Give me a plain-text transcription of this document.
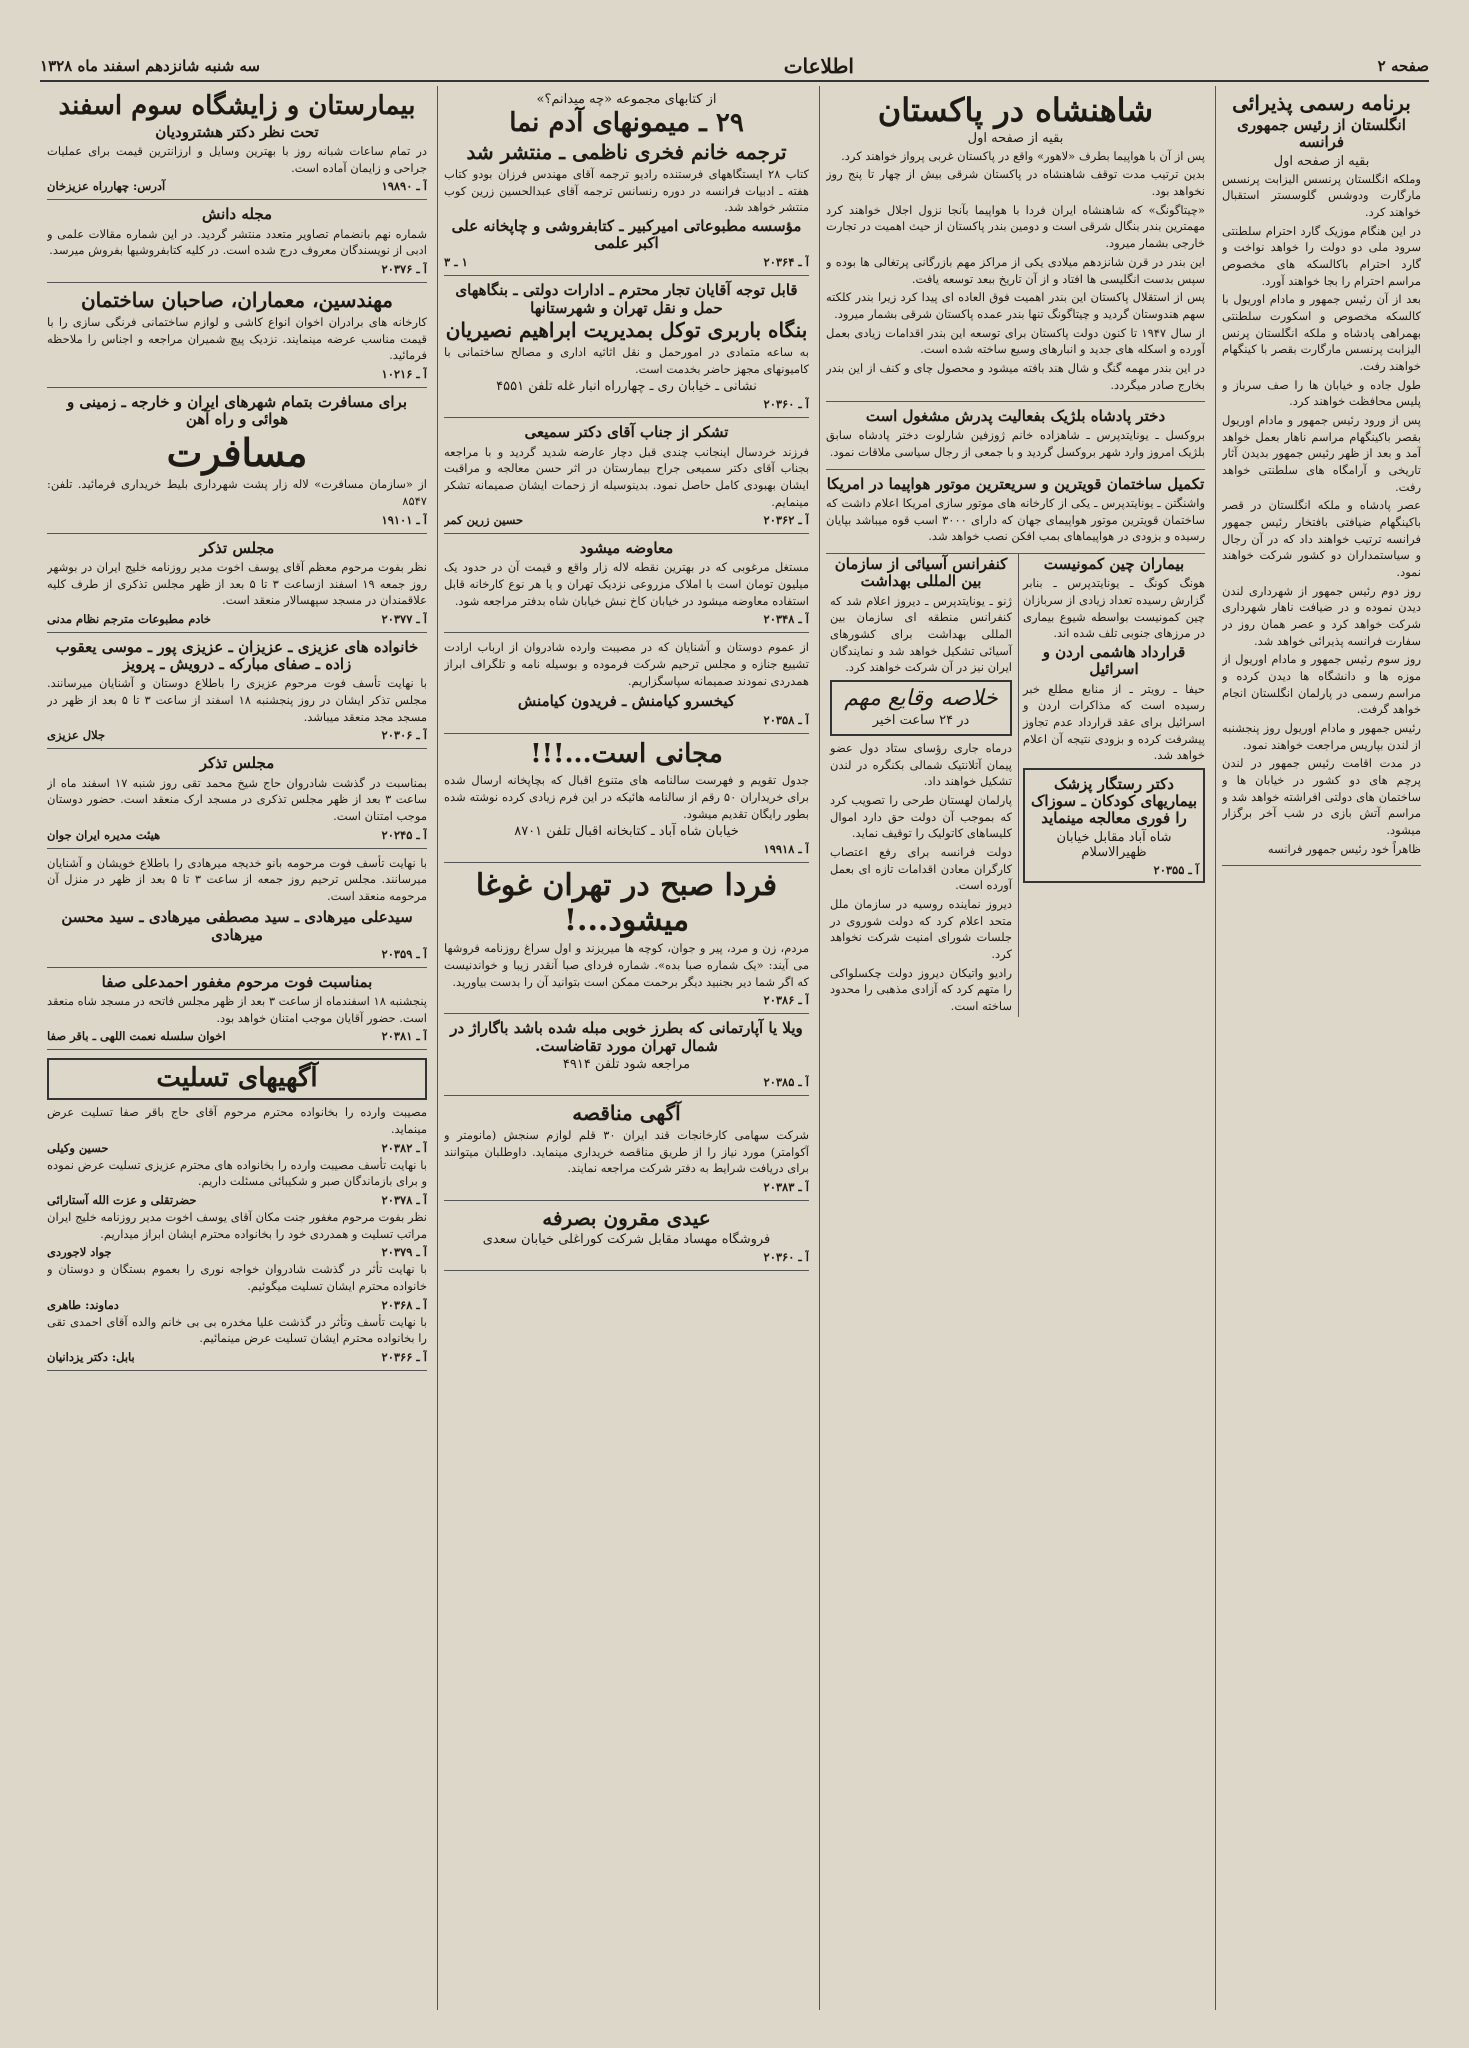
صفحه ۲
اطلاعات
سه شنبه شانزدهم اسفند ماه ۱۳۲۸
برنامه رسمی پذیرائی
انگلستان از رئیس جمهوری فرانسه
بقیه از صفحه اول

وملکه انگلستان پرنسس الیزابت پرنسس مارگارت ودوشس گلوسستر استقبال خواهند کرد.

در این هنگام موزیک گارد احترام سلطنتی سرود ملی دو دولت را خواهد نواخت و گارد احترام باکالسکه های مخصوص مراسم احترام را بجا خواهند آورد.

بعد از آن رئیس جمهور و مادام اوریول با کالسکه مخصوص و اسکورت سلطنتی بهمراهی پادشاه و ملکه انگلستان پرنس الیزابت پرنسس مارگارت بقصر با کینگهام خواهند رفت.

طول جاده و خیابان ها را صف سرباز و پلیس محافظت خواهند کرد.

پس از ورود رئیس جمهور و مادام اوریول بقصر باکینگهام مراسم ناهار بعمل خواهد آمد و بعد از ظهر رئیس جمهور بدیدن آثار تاریخی و آرامگاه های سلطنتی خواهد رفت.

عصر پادشاه و ملکه انگلستان در قصر باکینگهام ضیافتی بافتخار رئیس جمهور فرانسه ترتیب خواهند داد که در آن رجال و سیاستمداران دو کشور شرکت خواهند نمود.

روز دوم رئیس جمهور از شهرداری لندن دیدن نموده و در ضیافت ناهار شهرداری شرکت خواهد کرد و عصر همان روز در سفارت فرانسه پذیرائی خواهد شد.

روز سوم رئیس جمهور و مادام اوریول از موزه ها و دانشگاه ها دیدن کرده و مراسم رسمی در پارلمان انگلستان انجام خواهد گرفت.

رئیس جمهور و مادام اوریول روز پنجشنبه از لندن بپاریس مراجعت خواهند نمود.

در مدت اقامت رئیس جمهور در لندن پرچم های دو کشور در خیابان ها و ساختمان های دولتی افراشته خواهد شد و مراسم آتش بازی در شب آخر برگزار میشود.

ظاهراً خود رئیس جمهور فرانسه

شاهنشاه در پاکستان
بقیه از صفحه اول

پس از آن با هواپیما بطرف «لاهور» واقع در پاکستان غربی پرواز خواهند کرد.

بدین ترتیب مدت توقف شاهنشاه در پاکستان شرقی بیش از چهار تا پنج روز نخواهد بود.

«چیتاگونگ» که شاهنشاه ایران فردا با هواپیما بآنجا نزول اجلال خواهند کرد مهمترین بندر بنگال شرقی است و دومین بندر پاکستان از حیث اهمیت در تجارت خارجی بشمار میرود.

این بندر در قرن شانزدهم میلادی یکی از مراکز مهم بازرگانی پرتغالی ها بوده و سپس بدست انگلیسی ها افتاد و از آن تاریخ ببعد توسعه یافت.

پس از استقلال پاکستان این بندر اهمیت فوق العاده ای پیدا کرد زیرا بندر کلکته سهم هندوستان گردید و چیتاگونگ تنها بندر عمده پاکستان شرقی بشمار میرود.

از سال ۱۹۴۷ تا کنون دولت پاکستان برای توسعه این بندر اقدامات زیادی بعمل آورده و اسکله های جدید و انبارهای وسیع ساخته شده است.

در این بندر مهمه گنگ و شال هند بافته میشود و محصول چای و کنف از این بندر بخارج صادر میگردد.

دختر پادشاه بلژیک بفعالیت پدرش مشغول است

بروکسل ـ یونایتدپرس ـ شاهزاده خانم ژوزفین شارلوت دختر پادشاه سابق بلژیک امروز وارد شهر بروکسل گردید و با جمعی از رجال سیاسی ملاقات نمود.

تکمیل ساختمان قویترین و سریعترین موتور هواپیما در امریکا

واشنگتن ـ یونایتدپرس ـ یکی از کارخانه های موتور سازی امریکا اعلام داشت که ساختمان قویترین موتور هواپیمای جهان که دارای ۳۰۰۰ اسب قوه میباشد بپایان رسیده و بزودی در هواپیماهای بمب افکن نصب خواهد شد.

بیماران چین کمونیست

هونگ کونگ ـ یونایتدپرس ـ بنابر گزارش رسیده تعداد زیادی از سربازان چین کمونیست بواسطه شیوع بیماری در مرزهای جنوبی تلف شده اند.

قرارداد هاشمی اردن و اسرائیل

حیفا ـ رویتر ـ از منابع مطلع خبر رسیده است که مذاکرات اردن و اسرائیل برای عقد قرارداد عدم تجاوز پیشرفت کرده و بزودی نتیجه آن اعلام خواهد شد.

دکتر رستگار پزشک بیماریهای کودکان ـ سوزاک را فوری معالجه مینماید
شاه آباد مقابل خیابان ظهیرالاسلام
آ ـ ۲۰۳۵۵
کنفرانس آسیائی از سازمان بین المللی بهداشت

ژنو ـ یونایتدپرس ـ دیروز اعلام شد که کنفرانس منطقه ای سازمان بین المللی بهداشت برای کشورهای آسیائی تشکیل خواهد شد و نمایندگان ایران نیز در آن شرکت خواهند کرد.

خلاصه وقایع مهم
در ۲۴ ساعت اخیر

درماه جاری رؤسای ستاد دول عضو پیمان آتلانتیک شمالی بکنگره در لندن تشکیل خواهند داد.

پارلمان لهستان طرحی را تصویب کرد که بموجب آن دولت حق دارد اموال کلیساهای کاتولیک را توقیف نماید.

دولت فرانسه برای رفع اعتصاب کارگران معادن اقدامات تازه ای بعمل آورده است.

دیروز نماینده روسیه در سازمان ملل متحد اعلام کرد که دولت شوروی در جلسات شورای امنیت شرکت نخواهد کرد.

رادیو واتیکان دیروز دولت چکسلواکی را متهم کرد که آزادی مذهبی را محدود ساخته است.

از کتابهای مجموعه «چه میدانم؟»
۲۹ ـ میمونهای آدم نما
ترجمه خانم فخری ناظمی ـ منتشر شد

کتاب ۲۸ ایستگاههای فرستنده رادیو ترجمه آقای مهندس فرزان بودو کتاب هفته ـ ادبیات فرانسه در دوره رنسانس ترجمه آقای عبدالحسین زرین کوب منتشر خواهد شد.

مؤسسه مطبوعاتی امیرکبیر ـ کتابفروشی و چاپخانه علی اکبر علمی
آ ـ ۲۰۳۶۴
۱ ـ ۳
قابل توجه آقایان تجار محترم ـ ادارات دولتی ـ بنگاههای حمل و نقل تهران و شهرستانها
بنگاه باربری توکل بمدیریت ابراهیم نصیریان

به ساعه متمادی در امورحمل و نقل اثاثیه اداری و مصالح ساختمانی با کامیونهای مجهز حاضر بخدمت است.

نشانی ـ خیابان ری ـ چهارراه انبار غله تلفن ۴۵۵۱
آ ـ ۲۰۳۶۰
تشکر از جناب آقای دکتر سمیعی

فرزند خردسال اینجانب چندی قبل دچار عارضه شدید گردید و با مراجعه بجناب آقای دکتر سمیعی جراح بیمارستان در اثر حسن معالجه و مراقبت ایشان بهبودی کامل حاصل نمود. بدینوسیله از زحمات ایشان صمیمانه تشکر مینمایم.

آ ـ ۲۰۳۶۲
حسین زرین کمر
معاوضه میشود

مستغل مرغوبی که در بهترین نقطه لاله زار واقع و قیمت آن در حدود یک میلیون تومان است با املاک مزروعی نزدیک تهران و یا هر نوع کارخانه قابل استفاده معاوضه میشود در خیابان کاخ نبش خیابان شاه بدفتر مراجعه شود.

آ ـ ۲۰۳۴۸

از عموم دوستان و آشنایان که در مصیبت وارده شادروان از ارباب ارادت تشییع جنازه و مجلس ترحیم شرکت فرموده و بوسیله نامه و تلگراف ابراز همدردی نمودند صمیمانه سپاسگزاریم.

کیخسرو کیامنش ـ فریدون کیامنش
آ ـ ۲۰۳۵۸
مجانی است...!!!

جدول تقویم و فهرست سالنامه های متنوع اقبال که بچاپخانه ارسال شده برای خریداران ۵۰ رقم از سالنامه هائیکه در این فرم زیادی کرده نوشته شده بطور رایگان تقدیم میشود.

خیابان شاه آباد ـ کتابخانه اقبال تلفن ۸۷۰۱
آ ـ ۱۹۹۱۸
فردا صبح در تهران غوغا میشود...!

مردم، زن و مرد، پیر و جوان، کوچه ها میریزند و اول سراغ روزنامه فروشها می آیند: «یک شماره صبا بده». شماره فردای صبا آنقدر زیبا و خواندنیست که اگر شما دیر بجنبید دیگر برحمت ممکن است بتوانید آن را بدست بیاورید.

آ ـ ۲۰۳۸۶
ویلا یا آپارتمانی که بطرز خوبی مبله شده باشد باگاراژ در شمال تهران مورد تقاضاست.
مراجعه شود تلفن ۴۹۱۴
آ ـ ۲۰۳۸۵
آگهی مناقصه

شرکت سهامی کارخانجات قند ایران ۳۰ قلم لوازم سنجش (مانومتر و آکوامتر) مورد نیاز را از طریق مناقصه خریداری مینماید. داوطلبان میتوانند برای دریافت شرایط به دفتر شرکت مراجعه نمایند.

آ ـ ۲۰۳۸۳
عیدی مقرون بصرفه
فروشگاه مهساد مقابل شرکت کوراغلی خیابان سعدی
آ ـ ۲۰۳۶۰
بیمارستان و زایشگاه سوم اسفند
تحت نظر دکتر هشترودیان

در تمام ساعات شبانه روز با بهترین وسایل و ارزانترین قیمت برای عملیات جراحی و زایمان آماده است.

آ ـ ۱۹۸۹۰
آدرس: چهارراه عزیزخان
مجله دانش

شماره نهم بانضمام تصاویر متعدد منتشر گردید. در این شماره مقالات علمی و ادبی از نویسندگان معروف درج شده است. در کلیه کتابفروشیها بفروش میرسد.

آ ـ ۲۰۳۷۶
مهندسین، معماران، صاحبان ساختمان

کارخانه های برادران اخوان انواع کاشی و لوازم ساختمانی فرنگی سازی را با قیمت مناسب عرضه مینمایند. نزدیک پیچ شمیران مراجعه و اجناس را ملاحظه فرمائید.

آ ـ ۱۰۲۱۶
برای مسافرت بتمام شهرهای ایران و خارجه ـ زمینی و هوائی و راه آهن
مسافرت

از «سازمان مسافرت» لاله زار پشت شهرداری بلیط خریداری فرمائید. تلفن: ۸۵۴۷

آ ـ ۱۹۱۰۱
مجلس تذکر

نظر بفوت مرحوم معظم آقای یوسف اخوت مدیر روزنامه خلیج ایران در بوشهر روز جمعه ۱۹ اسفند ازساعت ۳ تا ۵ بعد از ظهر مجلس تذکری از طرف کلیه علاقمندان در مسجد سپهسالار منعقد است.

آ ـ ۲۰۳۷۷
خادم مطبوعات مترجم نظام مدنی
خانواده های عزیزی ـ عزیزان ـ عزیزی پور ـ موسی یعقوب زاده ـ صفای مبارکه ـ درویش ـ پرویز

با نهایت تأسف فوت مرحوم عزیزی را باطلاع دوستان و آشنایان میرسانند. مجلس تذکر ایشان در روز پنجشنبه ۱۸ اسفند از ساعت ۳ تا ۵ بعد از ظهر در مسجد مجد منعقد میباشد.

آ ـ ۲۰۳۰۶
جلال عزیزی
مجلس تذکر

بمناسبت در گذشت شادروان حاج شیخ محمد تقی روز شنبه ۱۷ اسفند ماه از ساعت ۳ بعد از ظهر مجلس تذکری در مسجد ارک منعقد است. حضور دوستان موجب امتنان است.

آ ـ ۲۰۲۴۵
هیئت مدیره ایران جوان

با نهایت تأسف فوت مرحومه بانو خدیجه میرهادی را باطلاع خویشان و آشنایان میرسانند. مجلس ترحیم روز جمعه از ساعت ۳ تا ۵ بعد از ظهر در منزل آن مرحومه منعقد است.

سیدعلی میرهادی ـ سید مصطفی میرهادی ـ سید محسن میرهادی
آ ـ ۲۰۳۵۹
بمناسبت فوت مرحوم مغفور احمدعلی صفا

پنجشنبه ۱۸ اسفندماه از ساعت ۳ بعد از ظهر مجلس فاتحه در مسجد شاه منعقد است. حضور آقایان موجب امتنان خواهد بود.

آ ـ ۲۰۳۸۱
اخوان سلسله نعمت اللهی ـ باقر صفا
آگهیهای تسلیت

مصیبت وارده را بخانواده محترم مرحوم آقای حاج باقر صفا تسلیت عرض مینماید.

آ ـ ۲۰۳۸۲
حسین وکیلی

با نهایت تأسف مصیبت وارده را بخانواده های محترم عزیزی تسلیت عرض نموده و برای بازماندگان صبر و شکیبائی مسئلت داریم.

آ ـ ۲۰۳۷۸
حضرتقلی و عزت الله آستارائی

نظر بفوت مرحوم مغفور جنت مکان آقای یوسف اخوت مدیر روزنامه خلیج ایران مراتب تسلیت و همدردی خود را بخانواده محترم ایشان ابراز میداریم.

آ ـ ۲۰۳۷۹
جواد لاجوردی

با نهایت تأثر در گذشت شادروان خواجه نوری را بعموم بستگان و دوستان و خانواده محترم ایشان تسلیت میگوئیم.

آ ـ ۲۰۳۶۸
دماوند: طاهری

با نهایت تأسف وتأثر در گذشت علیا مخدره بی بی خانم والده آقای احمدی تقی را بخانواده محترم ایشان تسلیت عرض مینمائیم.

آ ـ ۲۰۳۶۶
بابل: دکتر یزدانیان
